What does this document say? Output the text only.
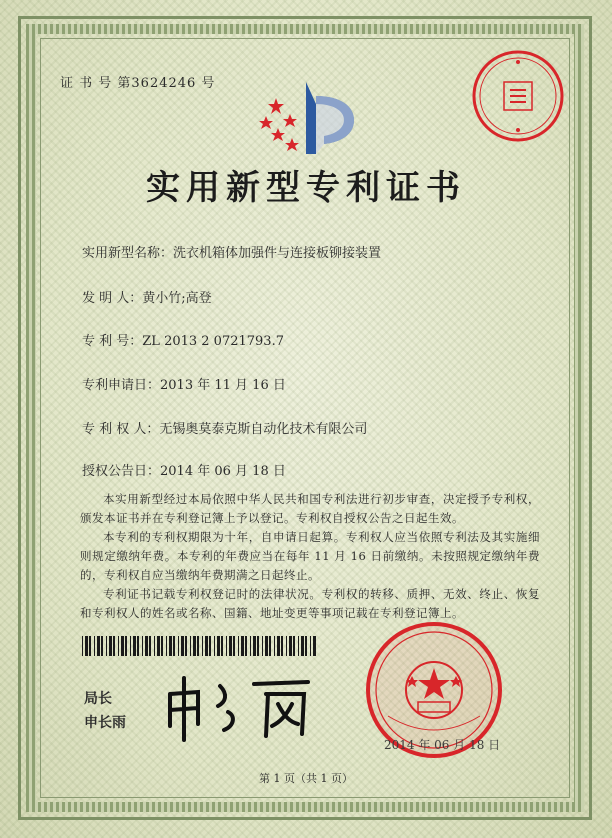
证 书 号 第3624246 号
实用新型专利证书
实用新型名称：洗衣机箱体加强件与连接板铆接装置
发 明 人：黄小竹;高登
专 利 号：ZL 2013 2 0721793.7
专利申请日：2013 年 11 月 16 日
专 利 权 人：无锡奥莫泰克斯自动化技术有限公司
授权公告日：2014 年 06 月 18 日

本实用新型经过本局依照中华人民共和国专利法进行初步审查，决定授予专利权，颁发本证书并在专利登记簿上予以登记。专利权自授权公告之日起生效。

本专利的专利权期限为十年，自申请日起算。专利权人应当依照专利法及其实施细则规定缴纳年费。本专利的年费应当在每年 11 月 16 日前缴纳。未按照规定缴纳年费的，专利权自应当缴纳年费期满之日起终止。

专利证书记载专利权登记时的法律状况。专利权的转移、质押、无效、终止、恢复和专利权人的姓名或名称、国籍、地址变更等事项记载在专利登记簿上。

局长
申长雨
2014 年 06 月 18 日
第 1 页（共 1 页）
